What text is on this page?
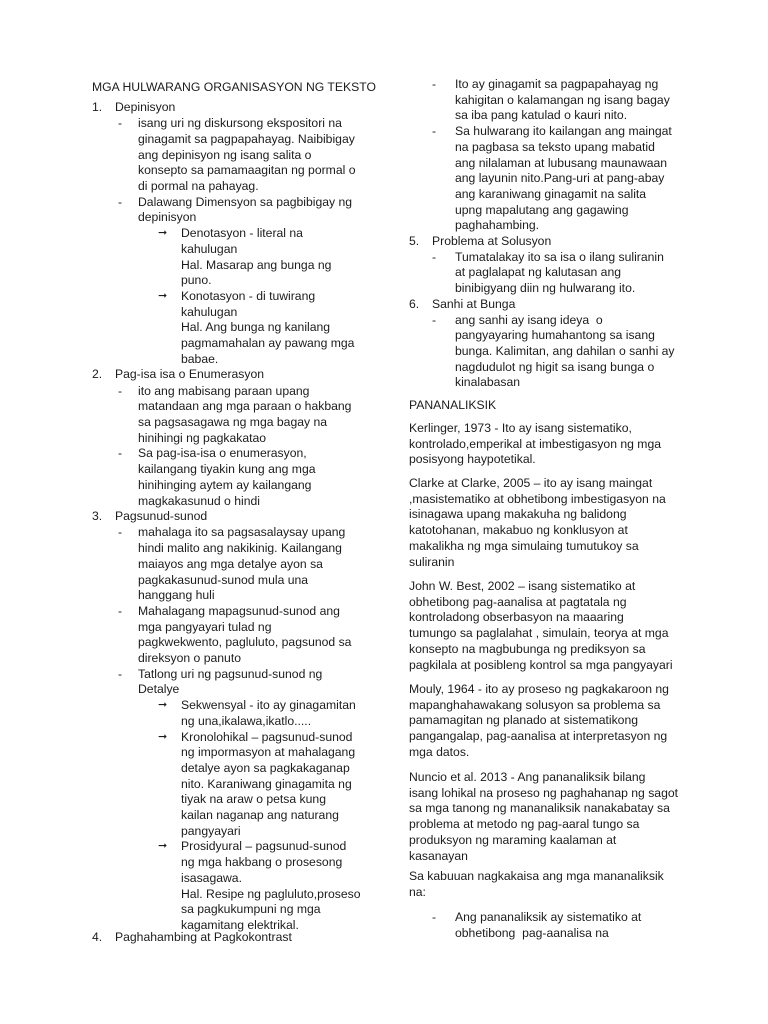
MGA HULWARANG ORGANISASYON NG TEKSTO
1. Depinisyon
- isang uri ng diskursong ekspositori na
ginagamit sa pagpapahayag. Naibibigay
ang depinisyon ng isang salita o
konsepto sa pamamaagitan ng pormal o
di pormal na pahayag.
- Dalawang Dimensyon sa pagbibigay ng
depinisyon
➞ Denotasyon - literal na
kahulugan
Hal. Masarap ang bunga ng
puno.
➞ Konotasyon - di tuwirang
kahulugan
Hal. Ang bunga ng kanilang
pagmamahalan ay pawang mga
babae.
2. Pag-isa isa o Enumerasyon
- ito ang mabisang paraan upang
matandaan ang mga paraan o hakbang
sa pagsasagawa ng mga bagay na
hinihingi ng pagkakatao
- Sa pag-isa-isa o enumerasyon,
kailangang tiyakin kung ang mga
hinihinging aytem ay kailangang
magkakasunud o hindi
3. Pagsunud-sunod
- mahalaga ito sa pagsasalaysay upang
hindi malito ang nakikinig. Kailangang
maiayos ang mga detalye ayon sa
pagkakasunud-sunod mula una
hanggang huli
- Mahalagang mapagsunud-sunod ang
mga pangyayari tulad ng
pagkwekwento, pagluluto, pagsunod sa
direksyon o panuto
- Tatlong uri ng pagsunud-sunod ng
Detalye
➞ Sekwensyal - ito ay ginagamitan
ng una,ikalawa,ikatlo.....
➞ Kronolohikal – pagsunud-sunod
ng impormasyon at mahalagang
detalye ayon sa pagkakaganap
nito. Karaniwang ginagamita ng
tiyak na araw o petsa kung
kailan naganap ang naturang
pangyayari
➞ Prosidyural – pagsunud-sunod
ng mga hakbang o prosesong
isasagawa.
Hal. Resipe ng pagluluto,proseso
sa pagkukumpuni ng mga
kagamitang elektrikal.
4. Paghahambing at Pagkokontrast
- Ito ay ginagamit sa pagpapahayag ng
kahigitan o kalamangan ng isang bagay
sa iba pang katulad o kauri nito.
- Sa hulwarang ito kailangan ang maingat
na pagbasa sa teksto upang mabatid
ang nilalaman at lubusang maunawaan
ang layunin nito.Pang-uri at pang-abay
ang karaniwang ginagamit na salita
upng mapalutang ang gagawing
paghahambing.
5. Problema at Solusyon
- Tumatalakay ito sa isa o ilang suliranin
at paglalapat ng kalutasan ang
binibigyang diin ng hulwarang ito.
6. Sanhi at Bunga
- ang sanhi ay isang ideya  o
pangyayaring humahantong sa isang
bunga. Kalimitan, ang dahilan o sanhi ay
nagdudulot ng higit sa isang bunga o
kinalabasan
PANANALIKSIK
Kerlinger, 1973 - Ito ay isang sistematiko,
kontrolado,emperikal at imbestigasyon ng mga
posisyong haypotetikal.
Clarke at Clarke, 2005 – ito ay isang maingat
,masistematiko at obhetibong imbestigasyon na
isinagawa upang makakuha ng balidong
katotohanan, makabuo ng konklusyon at
makalikha ng mga simulaing tumutukoy sa
suliranin
John W. Best, 2002 – isang sistematiko at
obhetibong pag-aanalisa at pagtatala ng
kontroladong obserbasyon na maaaring
tumungo sa paglalahat , simulain, teorya at mga
konsepto na magbubunga ng prediksyon sa
pagkilala at posibleng kontrol sa mga pangyayari
Mouly, 1964 - ito ay proseso ng pagkakaroon ng
mapanghahawakang solusyon sa problema sa
pamamagitan ng planado at sistematikong
pangangalap, pag-aanalisa at interpretasyon ng
mga datos.
Nuncio et al. 2013 - Ang pananaliksik bilang
isang lohikal na proseso ng paghahanap ng sagot
sa mga tanong ng mananaliksik nanakabatay sa
problema at metodo ng pag-aaral tungo sa
produksyon ng maraming kaalaman at
kasanayan
Sa kabuuan nagkakaisa ang mga mananaliksik
na:
- Ang pananaliksik ay sistematiko at
obhetibong  pag-aanalisa na
